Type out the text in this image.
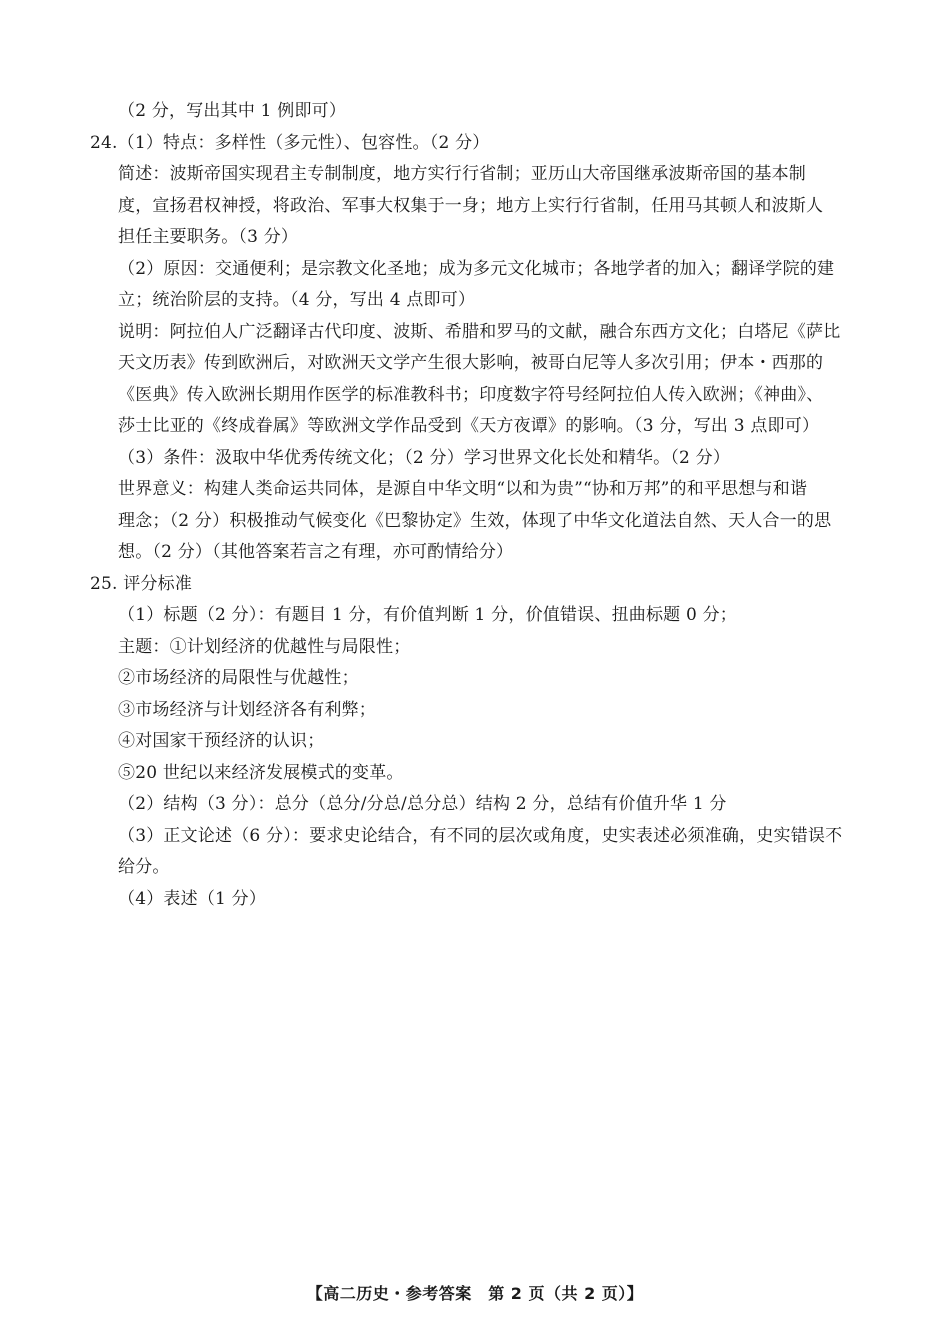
（2 分，写出其中 1 例即可）
24.（1）特点：多样性（多元性）、包容性。（2 分）
简述：波斯帝国实现君主专制制度，地方实行行省制；亚历山大帝国继承波斯帝国的基本制
度，宣扬君权神授，将政治、军事大权集于一身；地方上实行行省制，任用马其顿人和波斯人
担任主要职务。（3 分）
（2）原因：交通便利；是宗教文化圣地；成为多元文化城市；各地学者的加入；翻译学院的建
立；统治阶层的支持。（4 分，写出 4 点即可）
说明：阿拉伯人广泛翻译古代印度、波斯、希腊和罗马的文献，融合东西方文化；白塔尼《萨比
天文历表》传到欧洲后，对欧洲天文学产生很大影响，被哥白尼等人多次引用；伊本・西那的
《医典》传入欧洲长期用作医学的标准教科书；印度数字符号经阿拉伯人传入欧洲；《神曲》、
莎士比亚的《终成眷属》等欧洲文学作品受到《天方夜谭》的影响。（3 分，写出 3 点即可）
（3）条件：汲取中华优秀传统文化；（2 分）学习世界文化长处和精华。（2 分）
世界意义：构建人类命运共同体，是源自中华文明“以和为贵”“协和万邦”的和平思想与和谐
理念；（2 分）积极推动气候变化《巴黎协定》生效，体现了中华文化道法自然、天人合一的思
想。（2 分）（其他答案若言之有理，亦可酌情给分）
25. 评分标准
（1）标题（2 分）：有题目 1 分，有价值判断 1 分，价值错误、扭曲标题 0 分；
主题：①计划经济的优越性与局限性；
②市场经济的局限性与优越性；
③市场经济与计划经济各有利弊；
④对国家干预经济的认识；
⑤20 世纪以来经济发展模式的变革。
（2）结构（3 分）：总分（总分/分总/总分总）结构 2 分，总结有价值升华 1 分
（3）正文论述（6 分）：要求史论结合，有不同的层次或角度，史实表述必须准确，史实错误不
给分。
（4）表述（1 分）
【高二历史・参考答案　第 2 页（共 2 页）】
